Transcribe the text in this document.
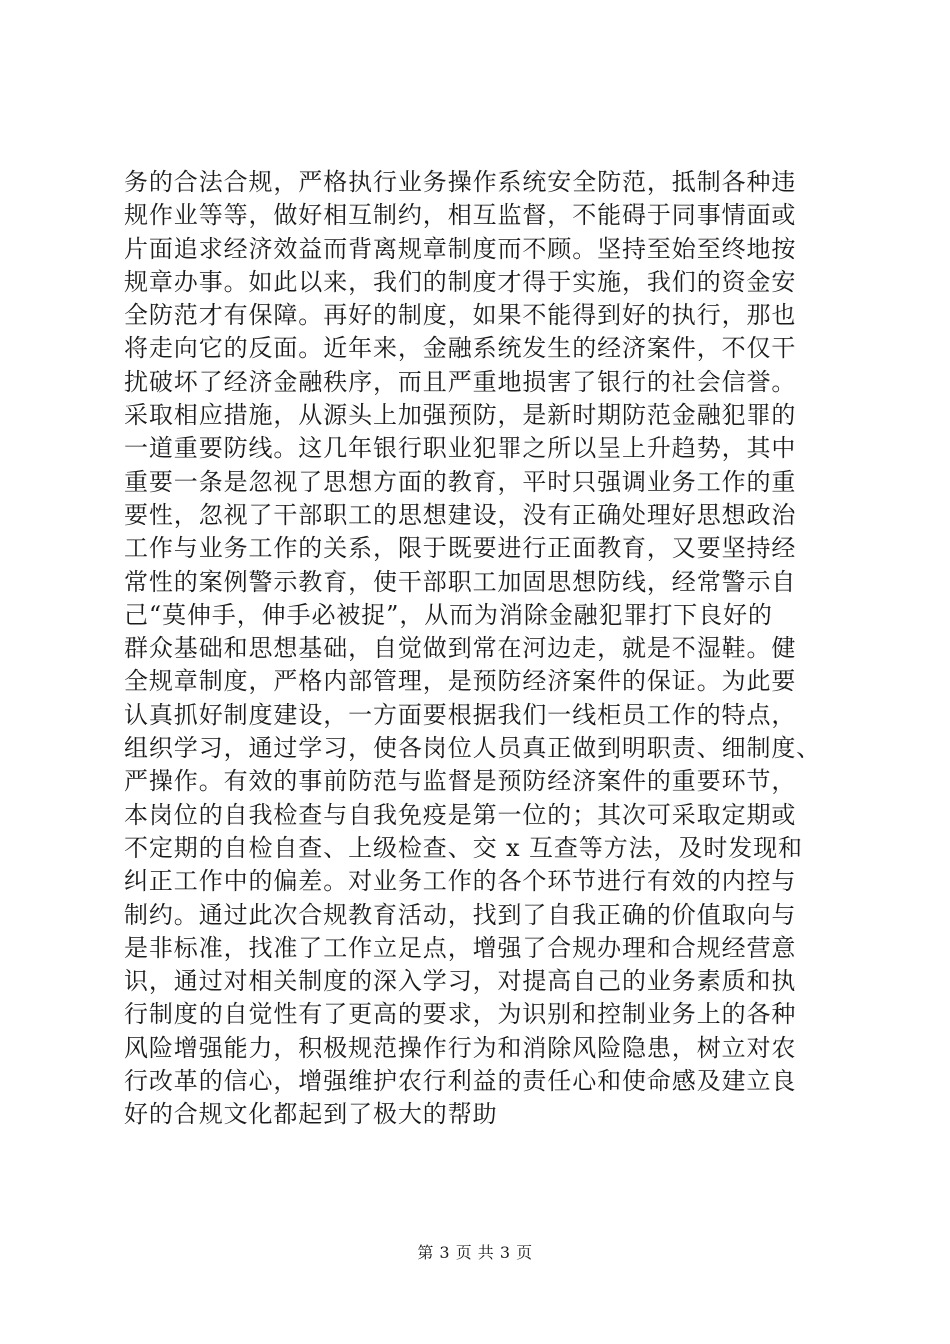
务的合法合规，严格执行业务操作系统安全防范，抵制各种违
规作业等等，做好相互制约，相互监督，不能碍于同事情面或
片面追求经济效益而背离规章制度而不顾。坚持至始至终地按
规章办事。如此以来，我们的制度才得于实施，我们的资金安
全防范才有保障。再好的制度，如果不能得到好的执行，那也
将走向它的反面。近年来，金融系统发生的经济案件，不仅干
扰破坏了经济金融秩序，而且严重地损害了银行的社会信誉。
采取相应措施，从源头上加强预防，是新时期防范金融犯罪的
一道重要防线。这几年银行职业犯罪之所以呈上升趋势，其中
重要一条是忽视了思想方面的教育，平时只强调业务工作的重
要性，忽视了干部职工的思想建设，没有正确处理好思想政治
工作与业务工作的关系，限于既要进行正面教育，又要坚持经
常性的案例警示教育，使干部职工加固思想防线，经常警示自
己“莫伸手，伸手必被捉”，从而为消除金融犯罪打下良好的
群众基础和思想基础，自觉做到常在河边走，就是不湿鞋。健
全规章制度，严格内部管理，是预防经济案件的保证。为此要
认真抓好制度建设，一方面要根据我们一线柜员工作的特点，
组织学习，通过学习，使各岗位人员真正做到明职责、细制度、
严操作。有效的事前防范与监督是预防经济案件的重要环节，
本岗位的自我检查与自我免疫是第一位的；其次可采取定期或
不定期的自检自查、上级检查、交 x 互查等方法，及时发现和
纠正工作中的偏差。对业务工作的各个环节进行有效的内控与
制约。通过此次合规教育活动，找到了自我正确的价值取向与
是非标准，找准了工作立足点，增强了合规办理和合规经营意
识，通过对相关制度的深入学习，对提高自己的业务素质和执
行制度的自觉性有了更高的要求，为识别和控制业务上的各种
风险增强能力，积极规范操作行为和消除风险隐患，树立对农
行改革的信心，增强维护农行利益的责任心和使命感及建立良
好的合规文化都起到了极大的帮助
第 3 页 共 3 页
